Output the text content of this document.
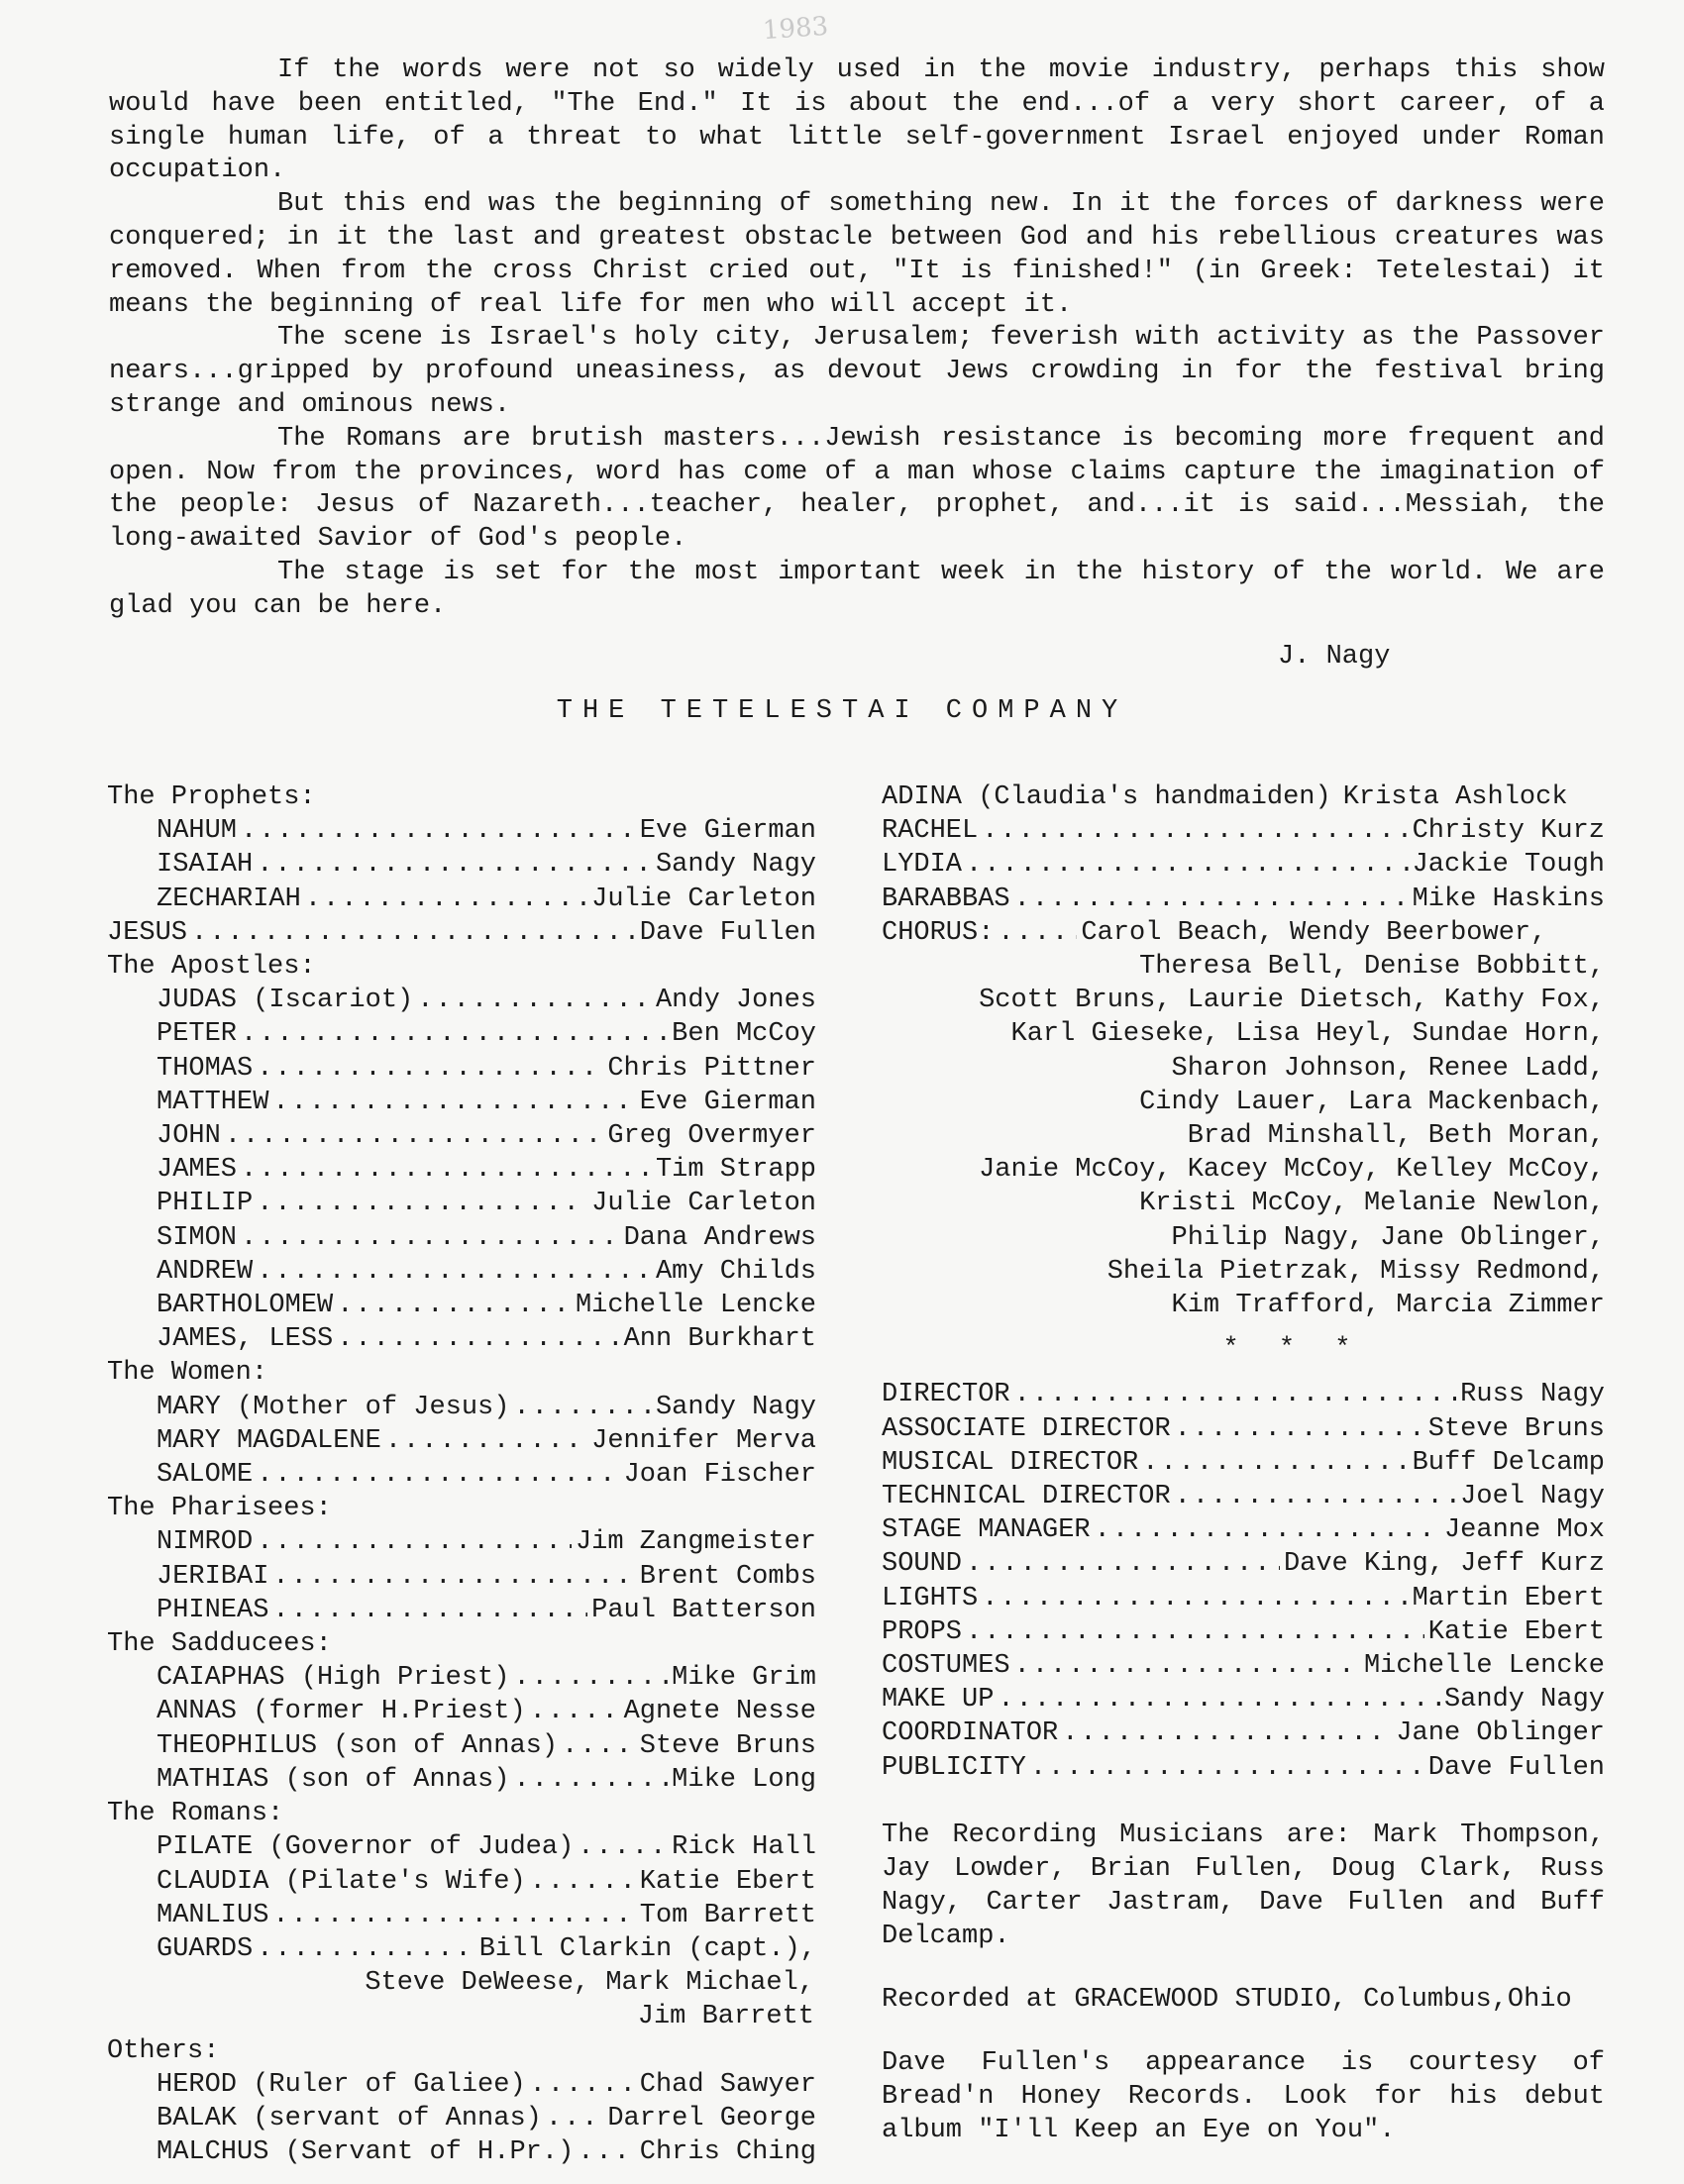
1983

If the words were not so widely used in the movie industry, perhaps this show would have been entitled, "The End." It is about the end...of a very short career, of a single human life, of a threat to what little self-government Israel enjoyed under Roman occupation.

But this end was the beginning of something new. In it the forces of darkness were conquered; in it the last and greatest obstacle between God and his rebellious creatures was removed. When from the cross Christ cried out, "It is finished!" (in Greek: Tetelestai) it means the beginning of real life for men who will accept it.

The scene is Israel's holy city, Jerusalem; feverish with activity as the Passover nears...gripped by profound uneasiness, as devout Jews crowding in for the festival bring strange and ominous news.

The Romans are brutish masters...Jewish resistance is becoming more frequent and open. Now from the provinces, word has come of a man whose claims capture the imagination of the people: Jesus of Nazareth...teacher, healer, prophet, and...it is said...Messiah, the long-awaited Savior of God's people.

The stage is set for the most important week in the history of the world. We are glad you can be here.

J. Nagy
THE TETELESTAI COMPANY
The Prophets:
NAHUM .....	Eve Gierman
ISAIAH .....	Sandy Nagy
ZECHARIAH .....	Julie Carleton
JESUS .....	Dave Fullen
The Apostles:
JUDAS (Iscariot) .....	Andy Jones
PETER .....	Ben McCoy
THOMAS .....	Chris Pittner
MATTHEW .....	Eve Gierman
JOHN .....	Greg Overmyer
JAMES .....	Tim Strapp
PHILIP .....	Julie Carleton
SIMON .....	Dana Andrews
ANDREW .....	Amy Childs
BARTHOLOMEW .....	Michelle Lencke
JAMES, LESS .....	Ann Burkhart
The Women:
MARY (Mother of Jesus) .....	Sandy Nagy
MARY MAGDALENE .....	Jennifer Merva
SALOME .....	Joan Fischer
The Pharisees:
NIMROD .....	Jim Zangmeister
JERIBAI .....	Brent Combs
PHINEAS .....	Paul Batterson
The Sadducees:
CAIAPHAS (High Priest) .....	Mike Grim
ANNAS (former H.Priest) .....	Agnete Nesse
THEOPHILUS (son of Annas) .....	Steve Bruns
MATHIAS (son of Annas) .....	Mike Long
The Romans:
PILATE (Governor of Judea) .....	Rick Hall
CLAUDIA (Pilate's Wife) .....	Katie Ebert
MANLIUS .....	Tom Barrett
GUARDS .....	Bill Clarkin (capt.),
Steve DeWeese, Mark Michael,
Jim Barrett
Others:
HEROD (Ruler of Galiee) .....	Chad Sawyer
BALAK (servant of Annas) ..... Darrel George
MALCHUS (Servant of H.Pr.) ..... Chris Ching
ADINA (Claudia's handmaiden) Krista Ashlock
RACHEL .....	Christy Kurz
LYDIA .....	Jackie Tough
BARABBAS .....	Mike Haskins
CHORUS: .....	Carol Beach, Wendy Beerbower,
Theresa Bell, Denise Bobbitt,
Scott Bruns, Laurie Dietsch, Kathy Fox,
Karl Gieseke, Lisa Heyl, Sundae Horn,
Sharon Johnson, Renee Ladd,
Cindy Lauer, Lara Mackenbach,
Brad Minshall, Beth Moran,
Janie McCoy, Kacey McCoy, Kelley McCoy,
Kristi McCoy, Melanie Newlon,
Philip Nagy, Jane Oblinger,
Sheila Pietrzak, Missy Redmond,
Kim Trafford, Marcia Zimmer
* * *
DIRECTOR .....	Russ Nagy
ASSOCIATE DIRECTOR .....	Steve Bruns
MUSICAL DIRECTOR .....	Buff Delcamp
TECHNICAL DIRECTOR .....	Joel Nagy
STAGE MANAGER .....	Jeanne Mox
SOUND .....	Dave King, Jeff Kurz
LIGHTS .....	Martin Ebert
PROPS .....	Katie Ebert
COSTUMES .....	Michelle Lencke
MAKE UP .....	Sandy Nagy
COORDINATOR .....	Jane Oblinger
PUBLICITY .....	Dave Fullen
The Recording Musicians are: Mark Thompson, Jay Lowder, Brian Fullen, Doug Clark, Russ Nagy, Carter Jastram, Dave Fullen and Buff Delcamp.
Recorded at GRACEWOOD STUDIO, Columbus,Ohio
Dave Fullen's appearance is courtesy of Bread'n Honey Records. Look for his debut album "I'll Keep an Eye on You".
